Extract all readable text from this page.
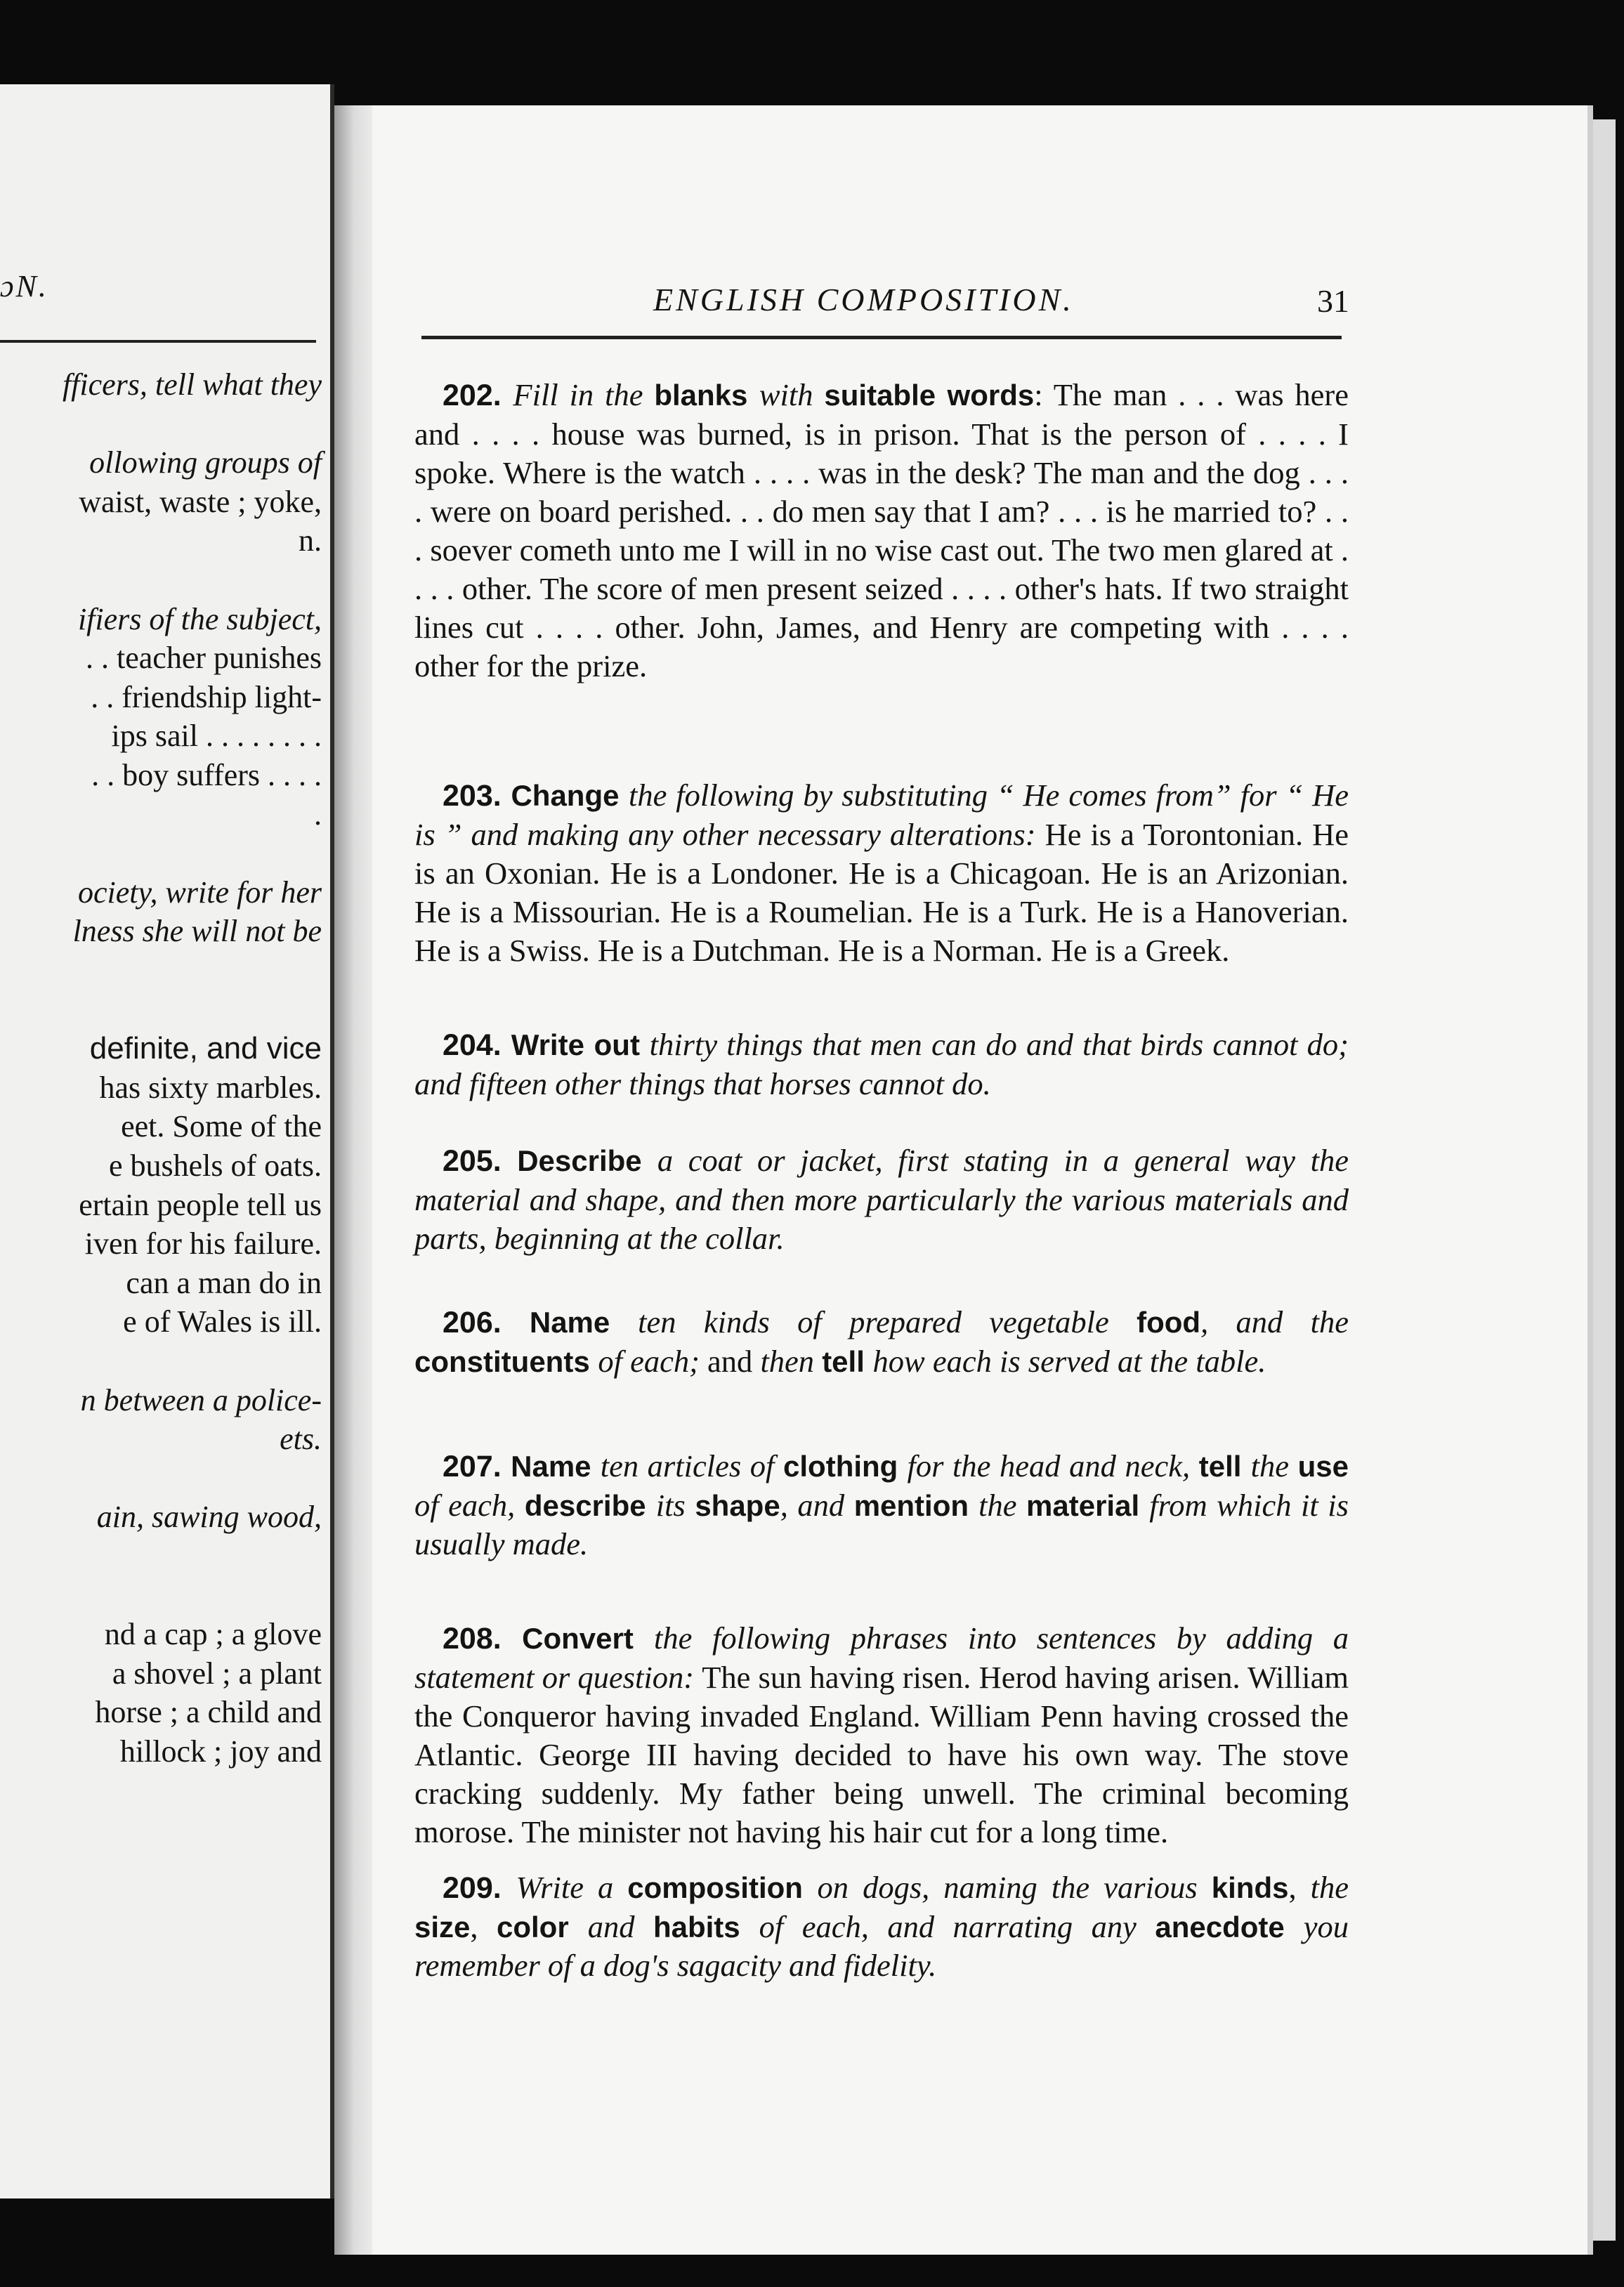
ɔN.
fficers, tell what they
ollowing groups of
waist, waste ; yoke,
n.
ifiers of the subject,
. . teacher punishes
. . friendship light-
ips sail . . . . . . . .
. . boy suffers . . . .
.
ociety, write for her
lness she will not be
definite, and vice
has sixty marbles.
eet. Some of the
e bushels of oats.
ertain people tell us
iven for his failure.
can a man do in
e of Wales is ill.
n between a police-
ets.
ain, sawing wood,
nd a cap ; a glove
a shovel ; a plant
horse ; a child and
hillock ; joy and
ENGLISH COMPOSITION.	31

202. Fill in the blanks with suitable words: The man . . . was here and . . . . house was burned, is in prison. That is the person of . . . . I spoke. Where is the watch . . . . was in the desk? The man and the dog . . . . were on board perished. . . do men say that I am? . . . is he married to? . . . soever cometh unto me I will in no wise cast out. The two men glared at . . . . other. The score of men present seized . . . . other's hats. If two straight lines cut . . . . other. John, James, and Henry are competing with . . . . other for the prize.

203. Change the following by substituting “ He comes from” for “ He is ” and making any other necessary alterations: He is a Torontonian. He is an Oxonian. He is a Londoner. He is a Chicagoan. He is an Arizonian. He is a Missourian. He is a Roumelian. He is a Turk. He is a Hanoverian. He is a Swiss. He is a Dutchman. He is a Norman. He is a Greek.

204. Write out thirty things that men can do and that birds cannot do; and fifteen other things that horses cannot do.

205. Describe a coat or jacket, first stating in a general way the material and shape, and then more particularly the various materials and parts, beginning at the collar.

206. Name ten kinds of prepared vegetable food, and the constituents of each; and then tell how each is served at the table.

207. Name ten articles of clothing for the head and neck, tell the use of each, describe its shape, and mention the material from which it is usually made.

208. Convert the following phrases into sentences by adding a statement or question: The sun having risen. Herod having arisen. William the Conqueror having invaded England. William Penn having crossed the Atlantic. George III having decided to have his own way. The stove cracking suddenly. My father being unwell. The criminal becoming morose. The minister not having his hair cut for a long time.

209. Write a composition on dogs, naming the various kinds, the size, color and habits of each, and narrating any anecdote you remember of a dog's sagacity and fidelity.
